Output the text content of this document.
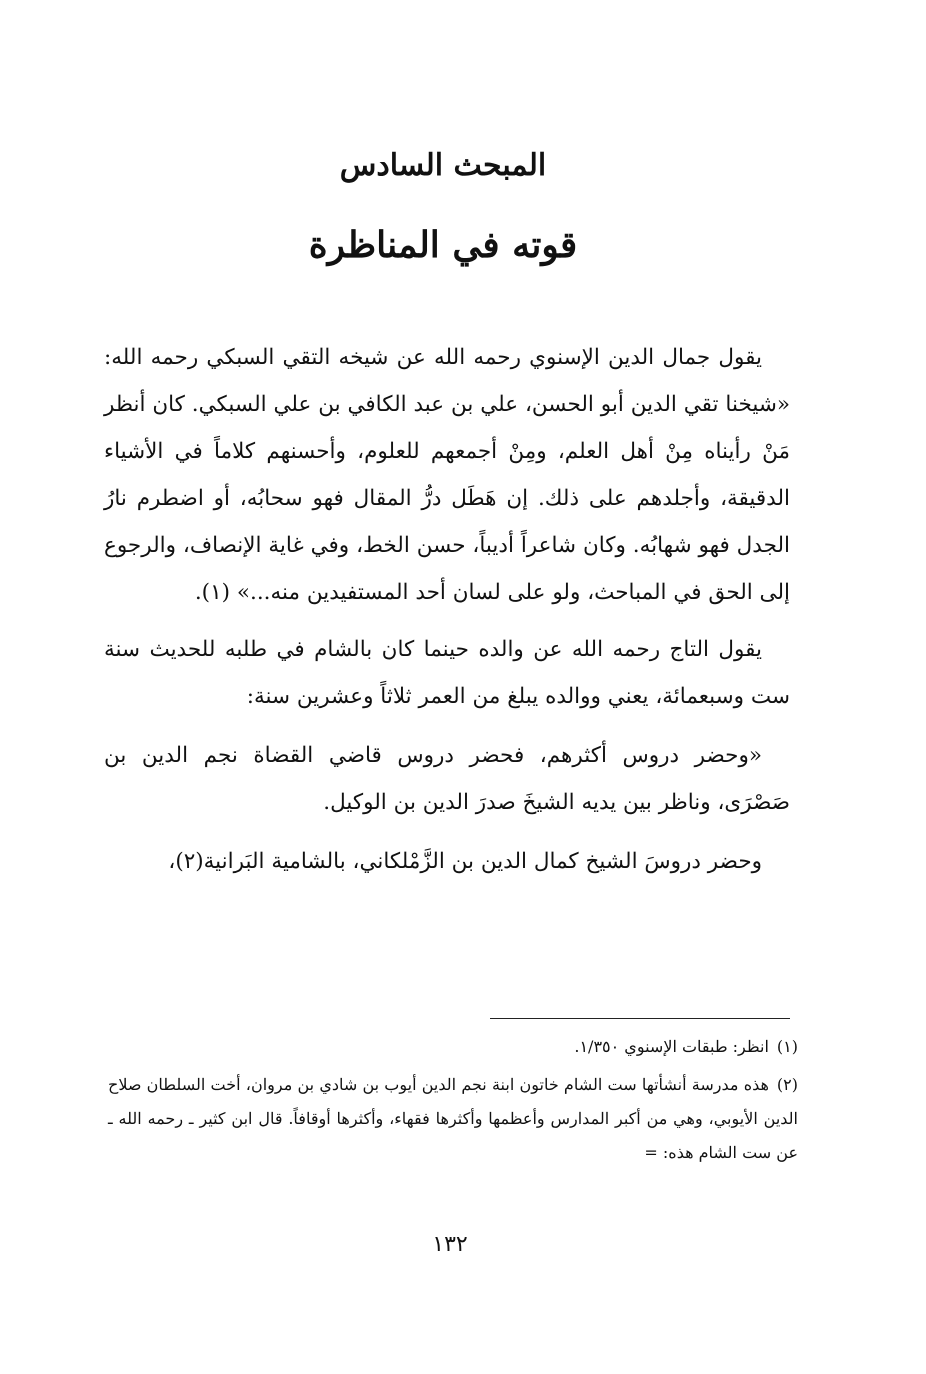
المبحث السادس
قوته في المناظرة

يقول جمال الدين الإسنوي رحمه الله عن شيخه التقي السبكي رحمه الله: «شيخنا تقي الدين أبو الحسن، علي بن عبد الكافي بن علي السبكي. كان أنظر مَنْ رأيناه مِنْ أهل العلم، ومِنْ أجمعهم للعلوم، وأحسنهم كلاماً في الأشياء الدقيقة، وأجلدهم على ذلك. إن هَطَل درُّ المقال فهو سحابُه، أو اضطرم نارُ الجدل فهو شهابُه. وكان شاعراً أديباً، حسن الخط، وفي غاية الإنصاف، والرجوع إلى الحق في المباحث، ولو على لسان أحد المستفيدين منه...» (١).

يقول التاج رحمه الله عن والده حينما كان بالشام في طلبه للحديث سنة ست وسبعمائة، يعني ووالده يبلغ من العمر ثلاثاً وعشرين سنة:

«وحضر دروس أكثرهم، فحضر دروس قاضي القضاة نجم الدين بن صَصْرَى، وناظر بين يديه الشيخَ صدرَ الدين بن الوكيل.

وحضر دروسَ الشيخ كمال الدين بن الزَّمْلكاني، بالشامية البَرانية(٢)،

(١)انظر: طبقات الإسنوي ١/٣٥٠.

(٢)هذه مدرسة أنشأتها ست الشام خاتون ابنة نجم الدين أيوب بن شادي بن مروان، أخت السلطان صلاح الدين الأيوبي، وهي من أكبر المدارس وأعظمها وأكثرها فقهاء، وأكثرها أوقافاً. قال ابن كثير ـ رحمه الله ـ عن ست الشام هذه: =

١٣٢
